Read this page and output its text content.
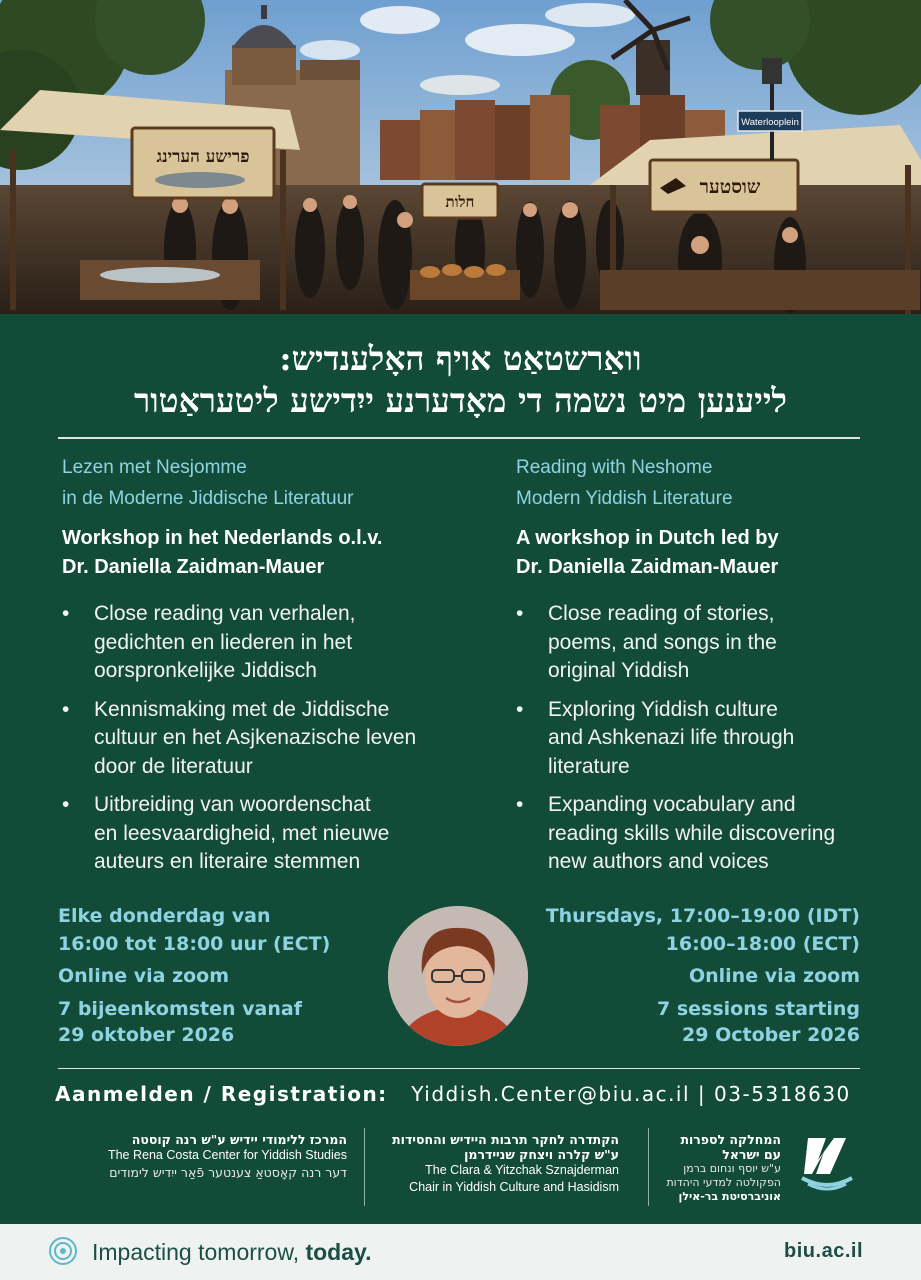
פרישע הערינג
חלות
שוסטער
Waterlooplein
וואַרשטאַט אויף האָלענדיש:
לייענען מיט נשמה די מאָדערנע ייִדישע ליטעראַטור
Lezen met Nesjomme
in de Moderne Jiddische Literatuur
Workshop in het Nederlands o.l.v.
Dr. Daniella Zaidman-Mauer
• Close reading van verhalen,
gedichten en liederen in het
oorspronkelijke Jiddisch
• Kennismaking met de Jiddische
cultuur en het Asjkenazische leven
door de literatuur
• Uitbreiding van woordenschat
en leesvaardigheid, met nieuwe
auteurs en literaire stemmen
Reading with Neshome
Modern Yiddish Literature
A workshop in Dutch led by
Dr. Daniella Zaidman-Mauer
• Close reading of stories,
poems, and songs in the
original Yiddish
• Exploring Yiddish culture
and Ashkenazi life through
literature
• Expanding vocabulary and
reading skills while discovering
new authors and voices
Elke donderdag van
16:00 tot 18:00 uur (ECT)
Online via zoom
7 bijeenkomsten vanaf
29 oktober 2026
Thursdays, 17:00–19:00 (IDT)
16:00–18:00 (ECT)
Online via zoom
7 sessions starting
29 October 2026
Aanmelden / Registration: Yiddish.Center@biu.ac.il | 03-5318630
המרכז ללימודי יידיש ע"ש רנה קוסטה
The Rena Costa Center for Yiddish Studies
דער רנה קאָסטאַ צענטער פֿאַר ייִדיש לימודים
הקתדרה לחקר תרבות היידיש והחסידות
ע"ש קלרה ויצחק שניידרמן
The Clara & Yitzchak Sznajderman
Chair in Yiddish Culture and Hasidism
המחלקה לספרות
עם ישראל
ע"ש יוסף ונחום ברמן
הפקולטה למדעי היהדות
אוניברסיטת בר-אילן
Impacting tomorrow, today.	biu.ac.il
